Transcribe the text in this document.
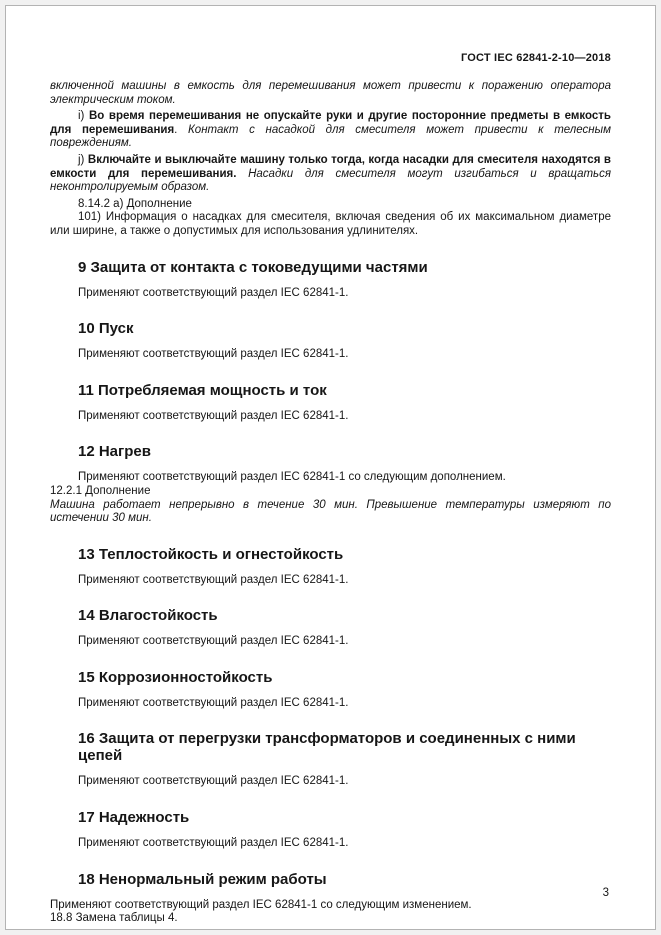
ГОСТ IEC 62841-2-10—2018

включенной машины в емкость для перемешивания может привести к поражению оператора электрическим током.

i) Во время перемешивания не опускайте руки и другие посторонние предметы в емкость для перемешивания. Контакт с насадкой для смесителя может привести к телесным повреждениям.

j) Включайте и выключайте машину только тогда, когда насадки для смесителя находятся в емкости для перемешивания. Насадки для смесителя могут изгибаться и вращаться неконтролируемым образом.

8.14.2 a) Дополнение

101) Информация о насадках для смесителя, включая сведения об их максимальном диаметре или ширине, а также о допустимых для использования удлинителях.

9 Защита от контакта с токоведущими частями

Применяют соответствующий раздел IEC 62841-1.

10 Пуск

Применяют соответствующий раздел IEC 62841-1.

11 Потребляемая мощность и ток

Применяют соответствующий раздел IEC 62841-1.

12 Нагрев

Применяют соответствующий раздел IEC 62841-1 со следующим дополнением.

12.2.1 Дополнение

Машина работает непрерывно в течение 30 мин. Превышение температуры измеряют по истечении 30 мин.

13 Теплостойкость и огнестойкость

Применяют соответствующий раздел IEC 62841-1.

14 Влагостойкость

Применяют соответствующий раздел IEC 62841-1.

15 Коррозионностойкость

Применяют соответствующий раздел IEC 62841-1.

16 Защита от перегрузки трансформаторов и соединенных с ними цепей

Применяют соответствующий раздел IEC 62841-1.

17 Надежность

Применяют соответствующий раздел IEC 62841-1.

18 Ненормальный режим работы

Применяют соответствующий раздел IEC 62841-1 со следующим изменением.

18.8 Замена таблицы 4.

3
